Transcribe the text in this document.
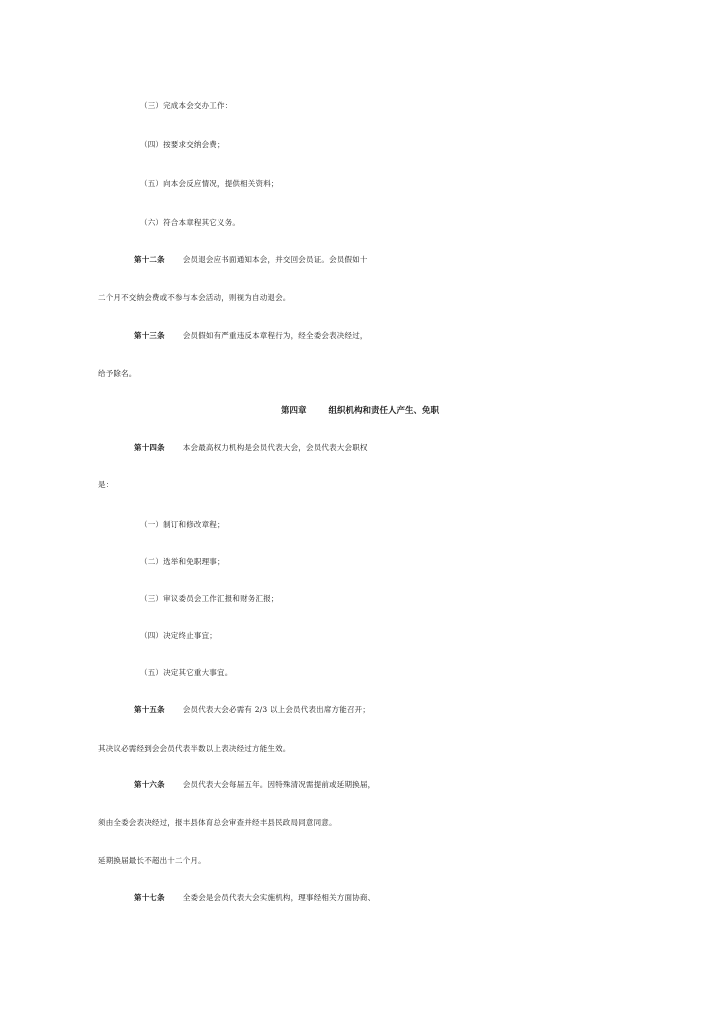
（三）完成本会交办工作：
（四）按要求交纳会费；
（五）向本会反应情况，提供相关资料；
（六）符合本章程其它义务。
第十二条 会员退会应书面通知本会，并交回会员证。会员假如十
二个月不交纳会费或不参与本会活动，则视为自动退会。
第十三条 会员假如有严重违反本章程行为，经全委会表决经过，
给予除名。
第四章	组织机构和责任人产生、免职
第十四条 本会最高权力机构是会员代表大会，会员代表大会职权
是：
（一）制订和修改章程；
（二）选举和免职理事；
（三）审议委员会工作汇报和财务汇报；
（四）决定终止事宜；
（五）决定其它重大事宜。
第十五条 会员代表大会必需有 2/3 以上会员代表出席方能召开；
其决议必需经到会会员代表半数以上表决经过方能生效。
第十六条 会员代表大会每届五年。因特殊清况需提前或延期换届，
须由全委会表决经过，报丰县体育总会审查并经丰县民政局同意同意。
延期换届最长不超出十二个月。
第十七条 全委会是会员代表大会实施机构，理事经相关方面协商、
